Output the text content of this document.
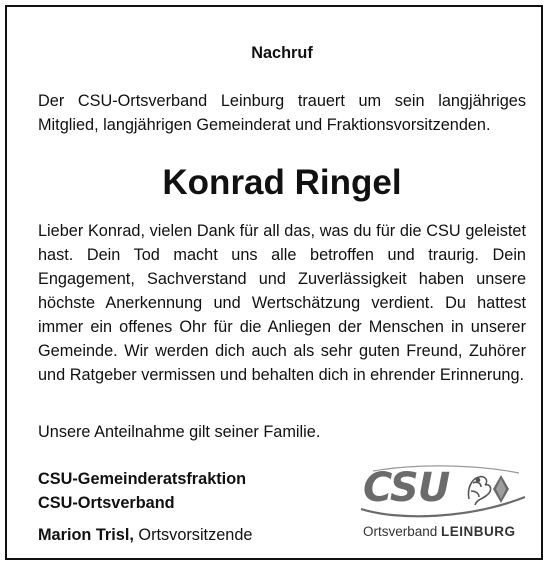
Nachruf
Der CSU-Ortsverband Leinburg trauert um sein langjähriges Mitglied, langjährigen Gemeinderat und Fraktionsvorsitzenden.
Konrad Ringel
Lieber Konrad, vielen Dank für all das, was du für die CSU geleistet hast. Dein Tod macht uns alle betroffen und traurig. Dein Engagement, Sachverstand und Zuverlässigkeit haben unsere höchste Anerkennung und Wertschätzung verdient. Du hattest immer ein offenes Ohr für die Anliegen der Menschen in unserer Gemeinde. Wir werden dich auch als sehr guten Freund, Zuhörer und Ratgeber vermissen und behalten dich in ehrender Erinnerung.
Unsere Anteilnahme gilt seiner Familie.
CSU-Gemeinderatsfraktion
CSU-Ortsverband
Marion Trisl, Ortsvorsitzende
CSU
Ortsverband LEINBURG
